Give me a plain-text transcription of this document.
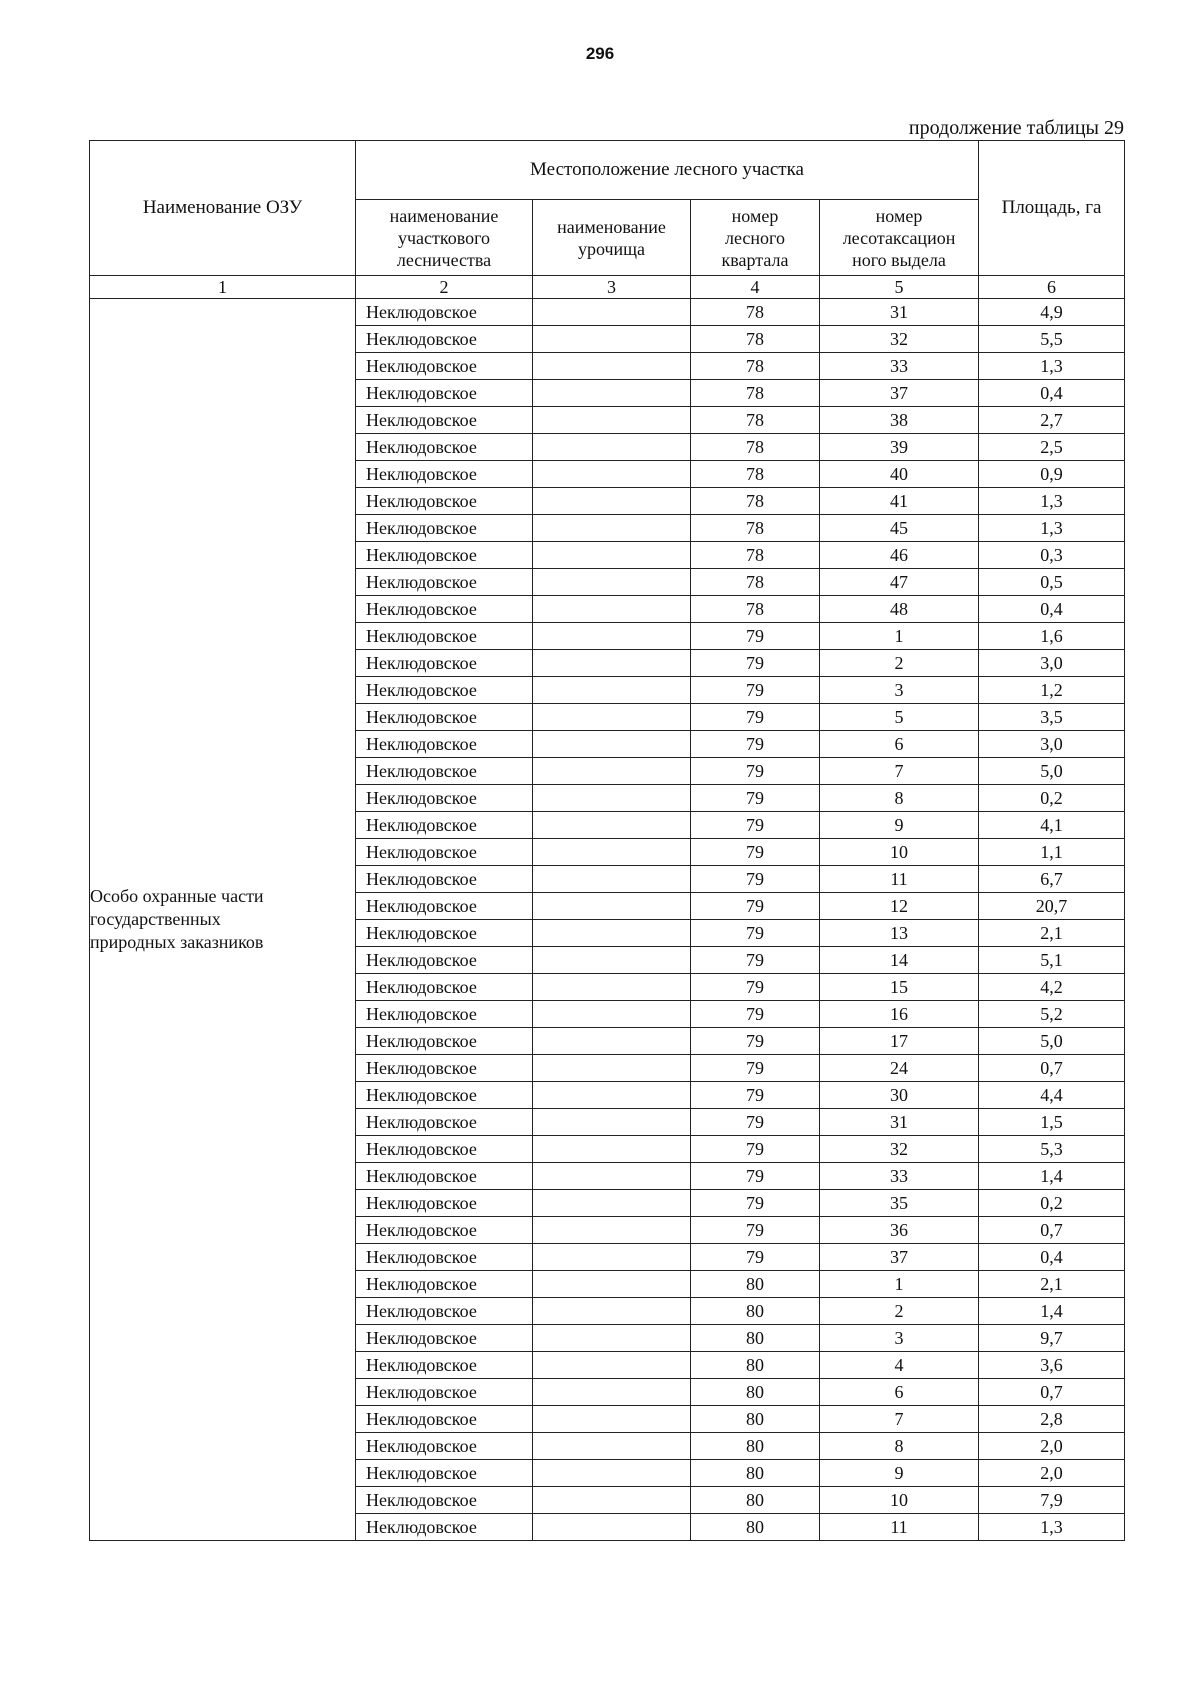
296
продолжение таблицы 29
Наименование ОЗУ	Местоположение лесного участка				Площадь, га

	наименование
участкового
лесничества	наименование
урочища	номер
лесного
квартала	номер
лесотаксацион
ного выдела	

1	2	3	4	5	6

Особо охранные части
государственных
природных заказников	Неклюдовское		78	31	4,9
	Неклюдовское		78	32	5,5
	Неклюдовское		78	33	1,3
	Неклюдовское		78	37	0,4
	Неклюдовское		78	38	2,7
	Неклюдовское		78	39	2,5
	Неклюдовское		78	40	0,9
	Неклюдовское		78	41	1,3
	Неклюдовское		78	45	1,3
	Неклюдовское		78	46	0,3
	Неклюдовское		78	47	0,5
	Неклюдовское		78	48	0,4
	Неклюдовское		79	1	1,6
	Неклюдовское		79	2	3,0
	Неклюдовское		79	3	1,2
	Неклюдовское		79	5	3,5
	Неклюдовское		79	6	3,0
	Неклюдовское		79	7	5,0
	Неклюдовское		79	8	0,2
	Неклюдовское		79	9	4,1
	Неклюдовское		79	10	1,1
	Неклюдовское		79	11	6,7
	Неклюдовское		79	12	20,7
	Неклюдовское		79	13	2,1
	Неклюдовское		79	14	5,1
	Неклюдовское		79	15	4,2
	Неклюдовское		79	16	5,2
	Неклюдовское		79	17	5,0
	Неклюдовское		79	24	0,7
	Неклюдовское		79	30	4,4
	Неклюдовское		79	31	1,5
	Неклюдовское		79	32	5,3
	Неклюдовское		79	33	1,4
	Неклюдовское		79	35	0,2
	Неклюдовское		79	36	0,7
	Неклюдовское		79	37	0,4
	Неклюдовское		80	1	2,1
	Неклюдовское		80	2	1,4
	Неклюдовское		80	3	9,7
	Неклюдовское		80	4	3,6
	Неклюдовское		80	6	0,7
	Неклюдовское		80	7	2,8
	Неклюдовское		80	8	2,0
	Неклюдовское		80	9	2,0
	Неклюдовское		80	10	7,9
	Неклюдовское		80	11	1,3
